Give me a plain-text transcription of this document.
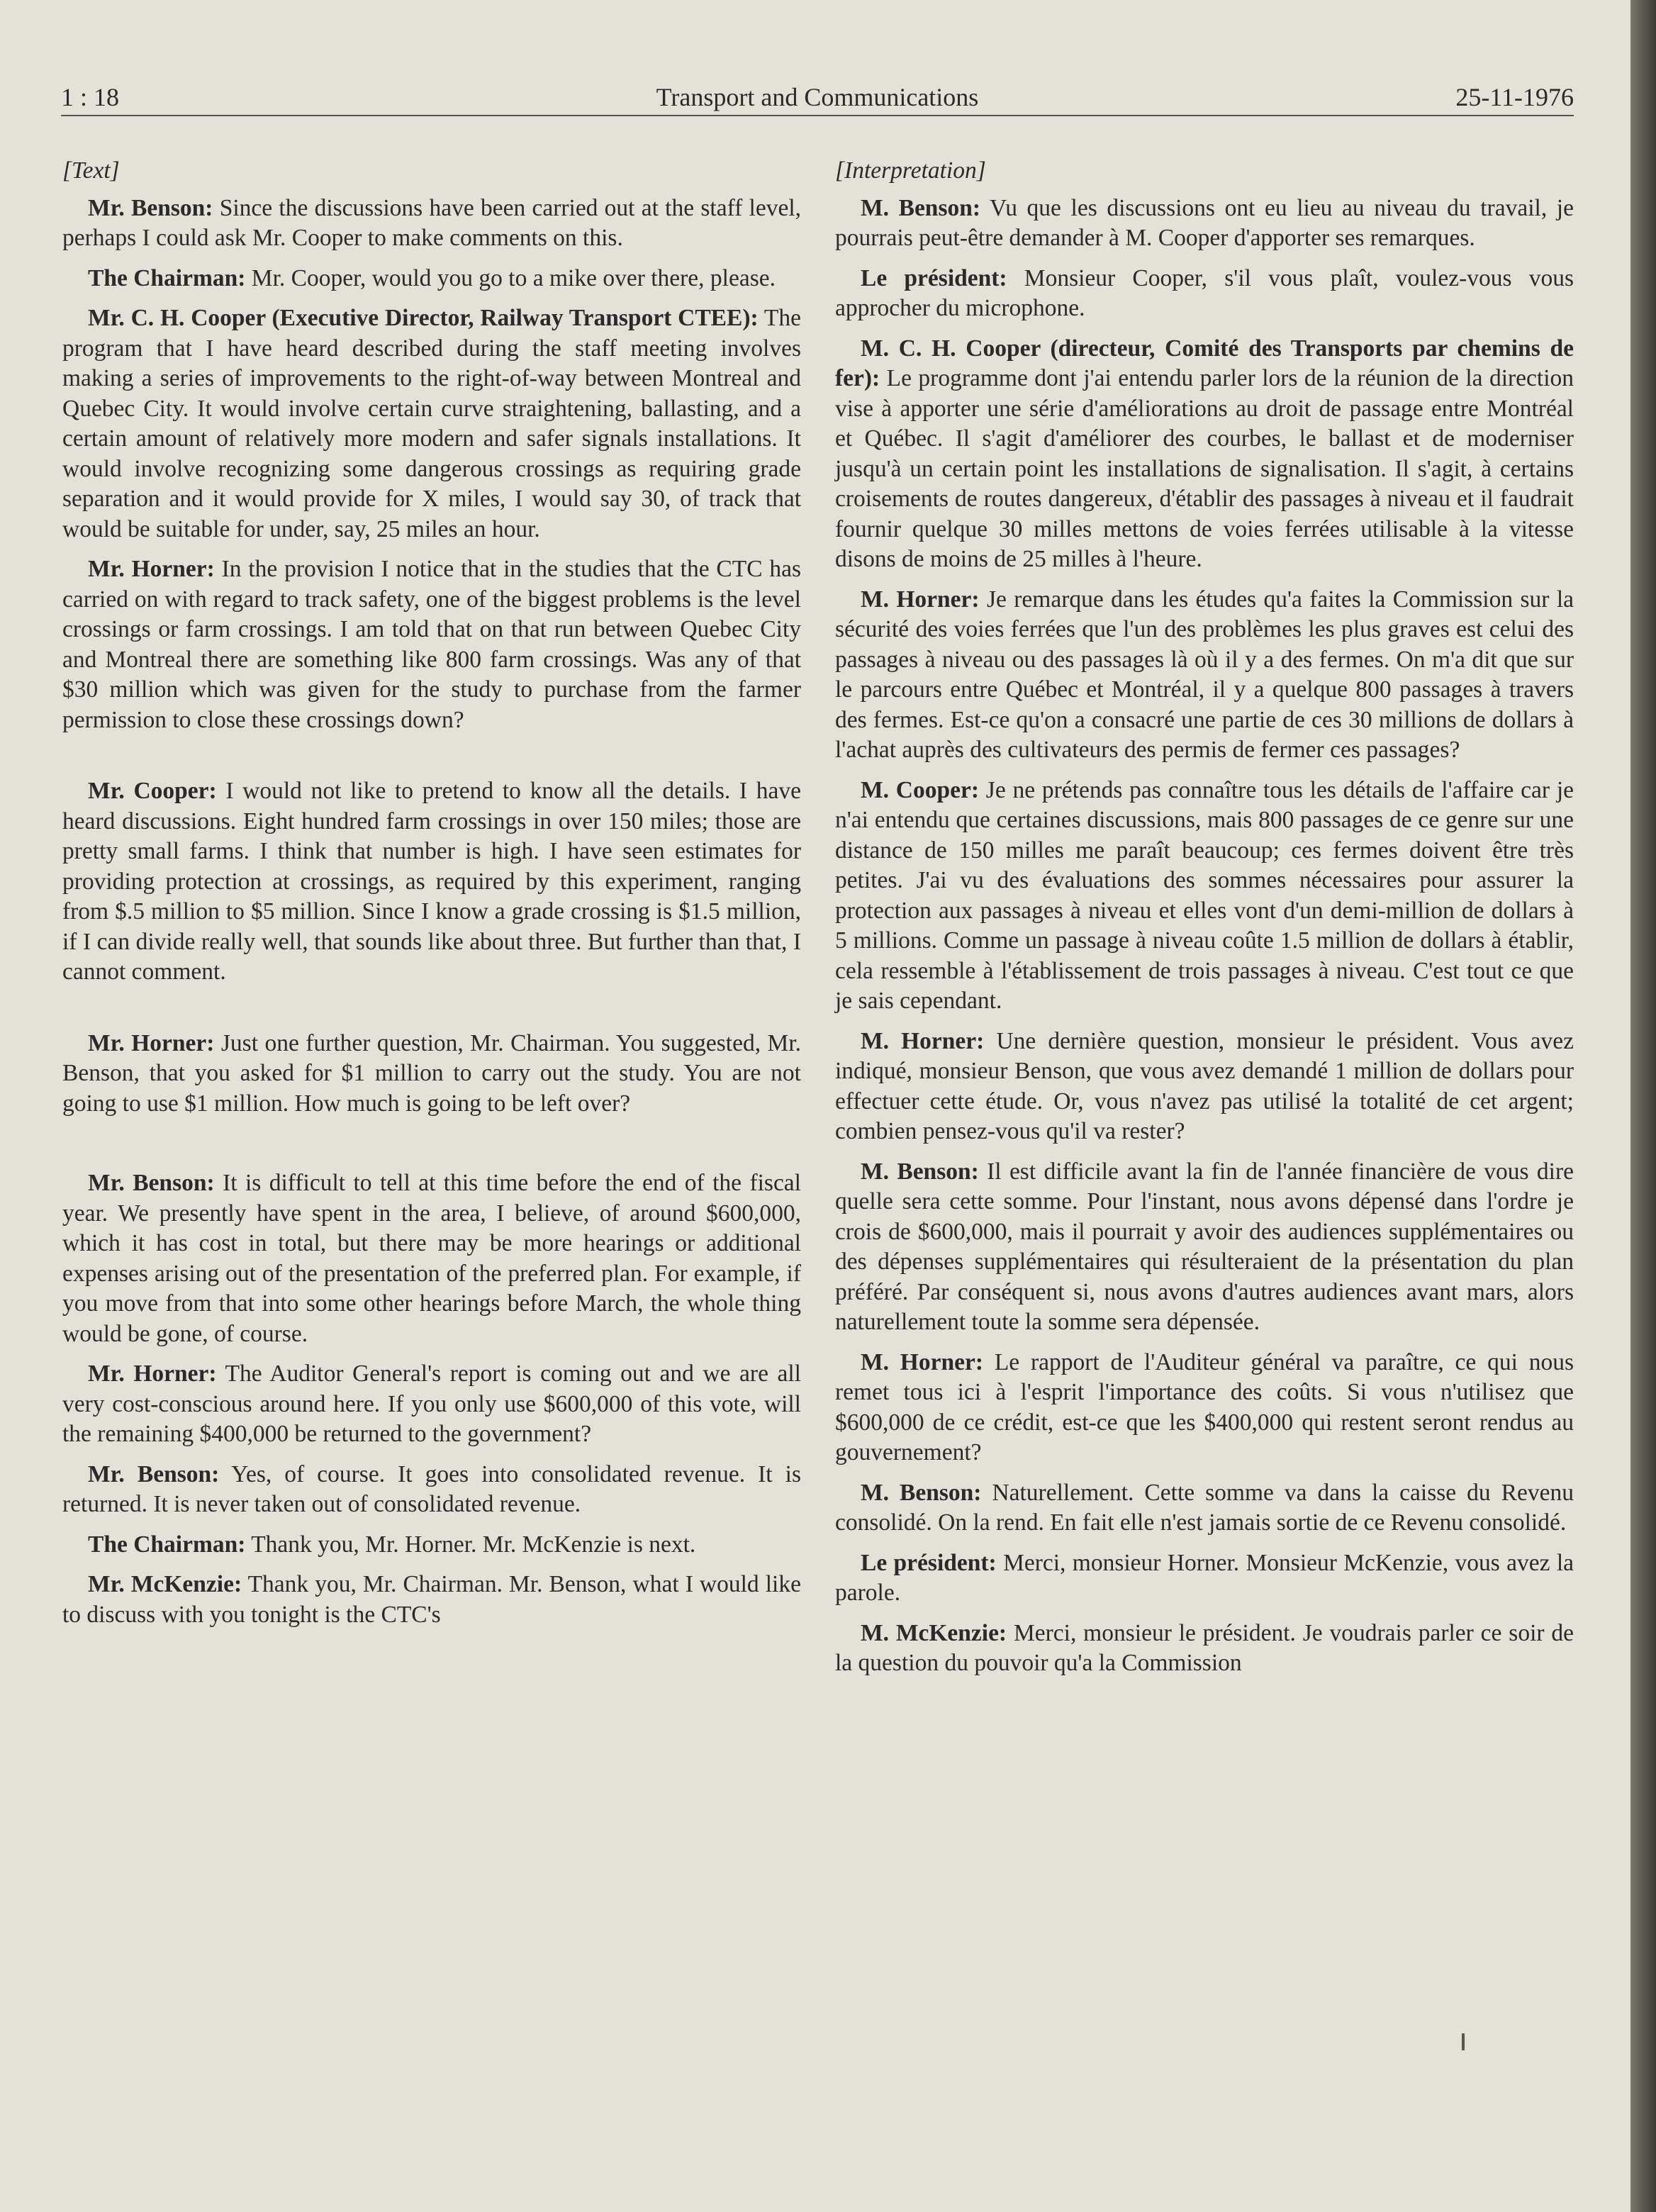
1 : 18	Transport and Communications	25-11-1976
[Text]

Mr. Benson: Since the discussions have been carried out at the staff level, perhaps I could ask Mr. Cooper to make comments on this.

The Chairman: Mr. Cooper, would you go to a mike over there, please.

Mr. C. H. Cooper (Executive Director, Railway Transport CTEE): The program that I have heard described during the staff meeting involves making a series of improvements to the right-of-way between Montreal and Quebec City. It would involve certain curve straightening, ballasting, and a certain amount of relatively more modern and safer signals installations. It would involve recognizing some dangerous crossings as requiring grade separation and it would provide for X miles, I would say 30, of track that would be suitable for under, say, 25 miles an hour.

Mr. Horner: In the provision I notice that in the studies that the CTC has carried on with regard to track safety, one of the biggest problems is the level crossings or farm crossings. I am told that on that run between Quebec City and Montreal there are something like 800 farm crossings. Was any of that $30 million which was given for the study to purchase from the farmer permission to close these crossings down?

Mr. Cooper: I would not like to pretend to know all the details. I have heard discussions. Eight hundred farm crossings in over 150 miles; those are pretty small farms. I think that number is high. I have seen estimates for providing protection at crossings, as required by this experiment, ranging from $.5 million to $5 million. Since I know a grade crossing is $1.5 million, if I can divide really well, that sounds like about three. But further than that, I cannot comment.

Mr. Horner: Just one further question, Mr. Chairman. You suggested, Mr. Benson, that you asked for $1 million to carry out the study. You are not going to use $1 million. How much is going to be left over?

Mr. Benson: It is difficult to tell at this time before the end of the fiscal year. We presently have spent in the area, I believe, of around $600,000, which it has cost in total, but there may be more hearings or additional expenses arising out of the presentation of the preferred plan. For example, if you move from that into some other hearings before March, the whole thing would be gone, of course.

Mr. Horner: The Auditor General's report is coming out and we are all very cost-conscious around here. If you only use $600,000 of this vote, will the remaining $400,000 be returned to the government?

Mr. Benson: Yes, of course. It goes into consolidated revenue. It is returned. It is never taken out of consolidated revenue.

The Chairman: Thank you, Mr. Horner. Mr. McKenzie is next.

Mr. McKenzie: Thank you, Mr. Chairman. Mr. Benson, what I would like to discuss with you tonight is the CTC's

[Interpretation]

M. Benson: Vu que les discussions ont eu lieu au niveau du travail, je pourrais peut-être demander à M. Cooper d'apporter ses remarques.

Le président: Monsieur Cooper, s'il vous plaît, voulez-vous vous approcher du microphone.

M. C. H. Cooper (directeur, Comité des Transports par chemins de fer): Le programme dont j'ai entendu parler lors de la réunion de la direction vise à apporter une série d'améliorations au droit de passage entre Montréal et Québec. Il s'agit d'améliorer des courbes, le ballast et de moderniser jusqu'à un certain point les installations de signalisation. Il s'agit, à certains croisements de routes dangereux, d'établir des passages à niveau et il faudrait fournir quelque 30 milles mettons de voies ferrées utilisable à la vitesse disons de moins de 25 milles à l'heure.

M. Horner: Je remarque dans les études qu'a faites la Commission sur la sécurité des voies ferrées que l'un des problèmes les plus graves est celui des passages à niveau ou des passages là où il y a des fermes. On m'a dit que sur le parcours entre Québec et Montréal, il y a quelque 800 passages à travers des fermes. Est-ce qu'on a consacré une partie de ces 30 millions de dollars à l'achat auprès des cultivateurs des permis de fermer ces passages?

M. Cooper: Je ne prétends pas connaître tous les détails de l'affaire car je n'ai entendu que certaines discussions, mais 800 passages de ce genre sur une distance de 150 milles me paraît beaucoup; ces fermes doivent être très petites. J'ai vu des évaluations des sommes nécessaires pour assurer la protection aux passages à niveau et elles vont d'un demi-million de dollars à 5 millions. Comme un passage à niveau coûte 1.5 million de dollars à établir, cela ressemble à l'établissement de trois passages à niveau. C'est tout ce que je sais cependant.

M. Horner: Une dernière question, monsieur le président. Vous avez indiqué, monsieur Benson, que vous avez demandé 1 million de dollars pour effectuer cette étude. Or, vous n'avez pas utilisé la totalité de cet argent; combien pensez-vous qu'il va rester?

M. Benson: Il est difficile avant la fin de l'année financière de vous dire quelle sera cette somme. Pour l'instant, nous avons dépensé dans l'ordre je crois de $600,000, mais il pourrait y avoir des audiences supplémentaires ou des dépenses supplémentaires qui résulteraient de la présentation du plan préféré. Par conséquent si, nous avons d'autres audiences avant mars, alors naturellement toute la somme sera dépensée.

M. Horner: Le rapport de l'Auditeur général va paraître, ce qui nous remet tous ici à l'esprit l'importance des coûts. Si vous n'utilisez que $600,000 de ce crédit, est-ce que les $400,000 qui restent seront rendus au gouvernement?

M. Benson: Naturellement. Cette somme va dans la caisse du Revenu consolidé. On la rend. En fait elle n'est jamais sortie de ce Revenu consolidé.

Le président: Merci, monsieur Horner. Monsieur McKenzie, vous avez la parole.

M. McKenzie: Merci, monsieur le président. Je voudrais parler ce soir de la question du pouvoir qu'a la Commission
